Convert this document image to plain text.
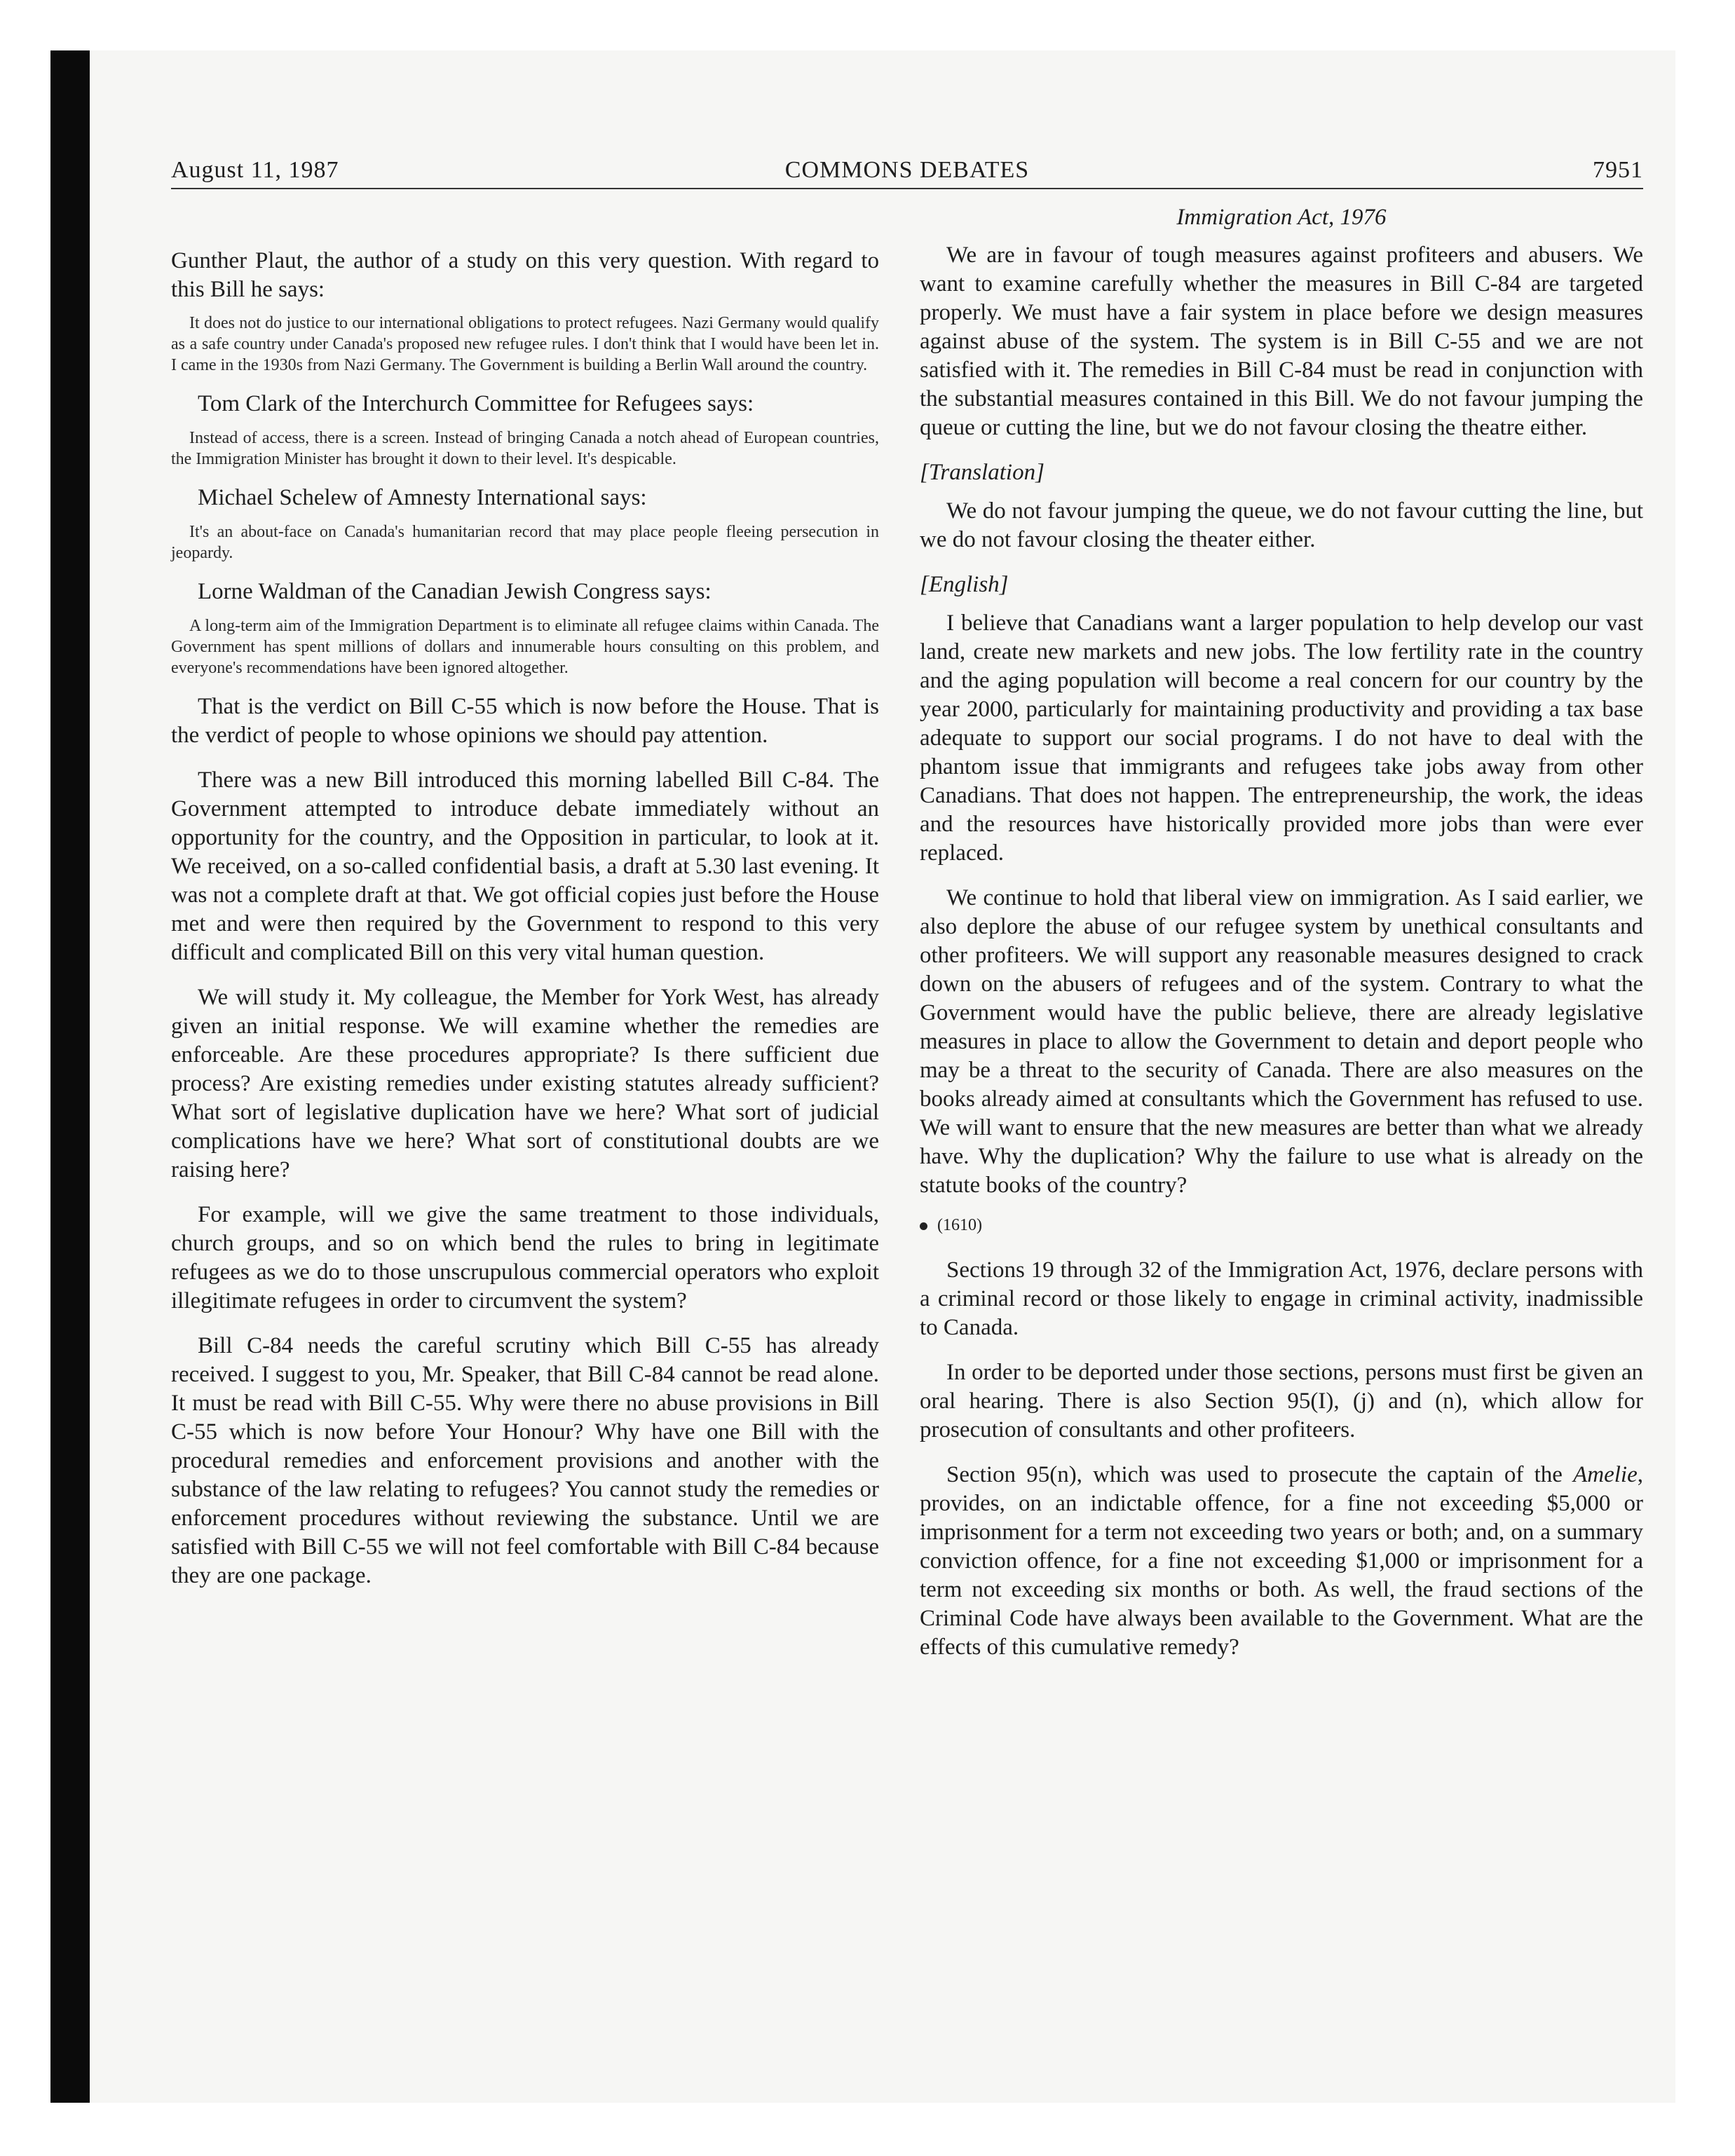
August 11, 1987	COMMONS DEBATES	7951
Immigration Act, 1976

Gunther Plaut, the author of a study on this very question. With regard to this Bill he says:

It does not do justice to our international obligations to protect refugees. Nazi Germany would qualify as a safe country under Canada's proposed new refugee rules. I don't think that I would have been let in. I came in the 1930s from Nazi Germany. The Government is building a Berlin Wall around the country.

Tom Clark of the Interchurch Committee for Refugees says:

Instead of access, there is a screen. Instead of bringing Canada a notch ahead of European countries, the Immigration Minister has brought it down to their level. It's despicable.

Michael Schelew of Amnesty International says:

It's an about-face on Canada's humanitarian record that may place people fleeing persecution in jeopardy.

Lorne Waldman of the Canadian Jewish Congress says:

A long-term aim of the Immigration Department is to eliminate all refugee claims within Canada. The Government has spent millions of dollars and innumerable hours consulting on this problem, and everyone's recommendations have been ignored altogether.

That is the verdict on Bill C-55 which is now before the House. That is the verdict of people to whose opinions we should pay attention.

There was a new Bill introduced this morning labelled Bill C-84. The Government attempted to introduce debate immediately without an opportunity for the country, and the Opposition in particular, to look at it. We received, on a so-called confidential basis, a draft at 5.30 last evening. It was not a complete draft at that. We got official copies just before the House met and were then required by the Government to respond to this very difficult and complicated Bill on this very vital human question.

We will study it. My colleague, the Member for York West, has already given an initial response. We will examine whether the remedies are enforceable. Are these procedures appropriate? Is there sufficient due process? Are existing remedies under existing statutes already sufficient? What sort of legislative duplication have we here? What sort of judicial complications have we here? What sort of constitutional doubts are we raising here?

For example, will we give the same treatment to those individuals, church groups, and so on which bend the rules to bring in legitimate refugees as we do to those unscrupulous commercial operators who exploit illegitimate refugees in order to circumvent the system?

Bill C-84 needs the careful scrutiny which Bill C-55 has already received. I suggest to you, Mr. Speaker, that Bill C-84 cannot be read alone. It must be read with Bill C-55. Why were there no abuse provisions in Bill C-55 which is now before Your Honour? Why have one Bill with the procedural remedies and enforcement provisions and another with the substance of the law relating to refugees? You cannot study the remedies or enforcement procedures without reviewing the substance. Until we are satisfied with Bill C-55 we will not feel comfortable with Bill C-84 because they are one package.

We are in favour of tough measures against profiteers and abusers. We want to examine carefully whether the measures in Bill C-84 are targeted properly. We must have a fair system in place before we design measures against abuse of the system. The system is in Bill C-55 and we are not satisfied with it. The remedies in Bill C-84 must be read in conjunction with the substantial measures contained in this Bill. We do not favour jumping the queue or cutting the line, but we do not favour closing the theatre either.

[Translation]

We do not favour jumping the queue, we do not favour cutting the line, but we do not favour closing the theater either.

[English]

I believe that Canadians want a larger population to help develop our vast land, create new markets and new jobs. The low fertility rate in the country and the aging population will become a real concern for our country by the year 2000, particularly for maintaining productivity and providing a tax base adequate to support our social programs. I do not have to deal with the phantom issue that immigrants and refugees take jobs away from other Canadians. That does not happen. The entrepreneurship, the work, the ideas and the resources have historically provided more jobs than were ever replaced.

We continue to hold that liberal view on immigration. As I said earlier, we also deplore the abuse of our refugee system by unethical consultants and other profiteers. We will support any reasonable measures designed to crack down on the abusers of refugees and of the system. Contrary to what the Government would have the public believe, there are already legislative measures in place to allow the Government to detain and deport people who may be a threat to the security of Canada. There are also measures on the books already aimed at consultants which the Government has refused to use. We will want to ensure that the new measures are better than what we already have. Why the duplication? Why the failure to use what is already on the statute books of the country?

(1610)

Sections 19 through 32 of the Immigration Act, 1976, declare persons with a criminal record or those likely to engage in criminal activity, inadmissible to Canada.

In order to be deported under those sections, persons must first be given an oral hearing. There is also Section 95(I), (j) and (n), which allow for prosecution of consultants and other profiteers.

Section 95(n), which was used to prosecute the captain of the Amelie, provides, on an indictable offence, for a fine not exceeding $5,000 or imprisonment for a term not exceeding two years or both; and, on a summary conviction offence, for a fine not exceeding $1,000 or imprisonment for a term not exceeding six months or both. As well, the fraud sections of the Criminal Code have always been available to the Government. What are the effects of this cumulative remedy?
